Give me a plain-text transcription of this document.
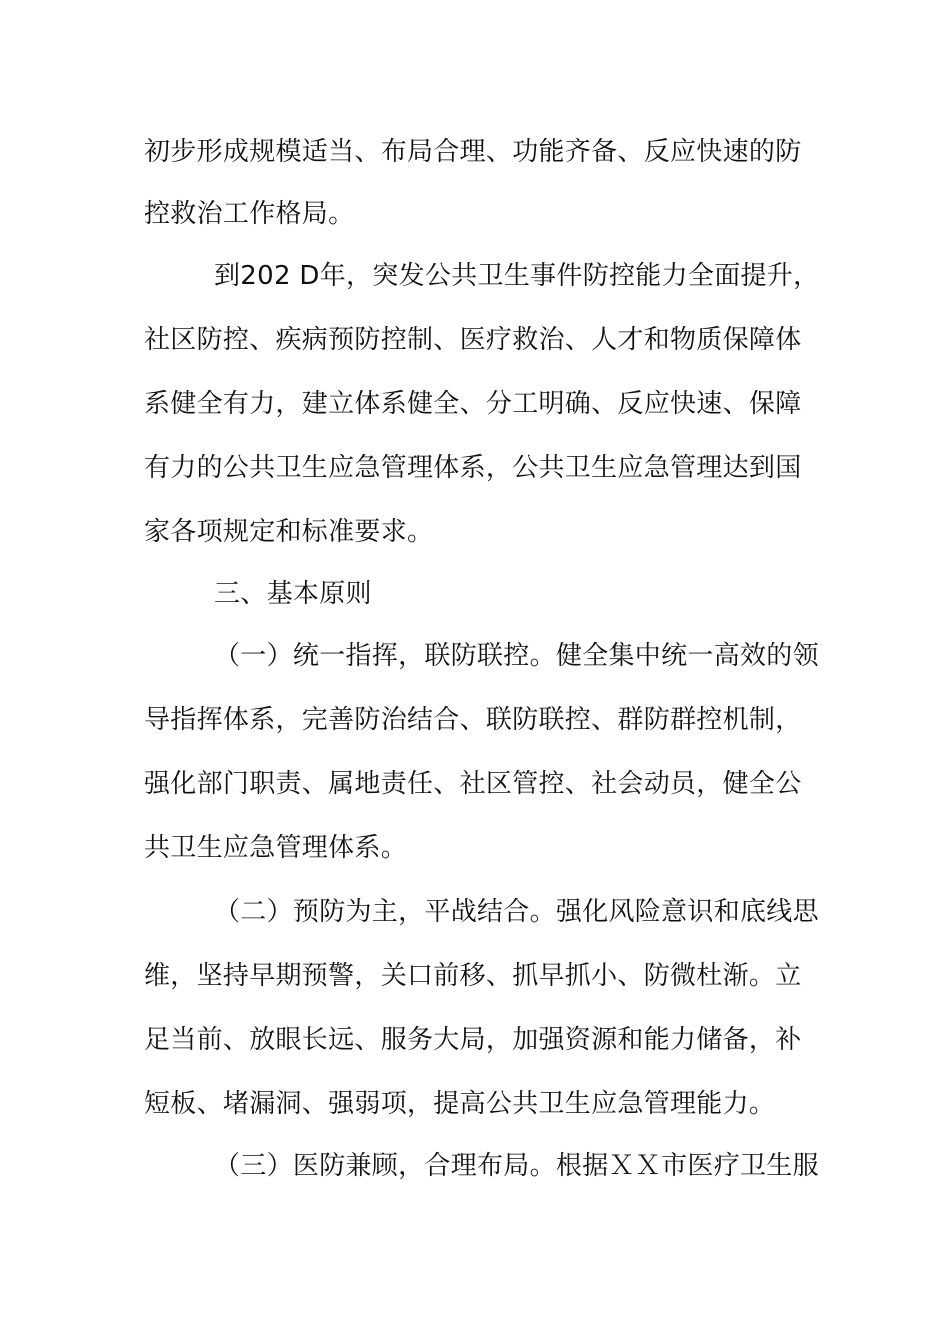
初步形成规模适当、布局合理、功能齐备、反应快速的防
控救治工作格局。
到202 D年，突发公共卫生事件防控能力全面提升，
社区防控、疾病预防控制、医疗救治、人才和物质保障体
系健全有力，建立体系健全、分工明确、反应快速、保障
有力的公共卫生应急管理体系，公共卫生应急管理达到国
家各项规定和标准要求。
三、基本原则
（一）统一指挥，联防联控。健全集中统一高效的领
导指挥体系，完善防治结合、联防联控、群防群控机制，
强化部门职责、属地责任、社区管控、社会动员，健全公
共卫生应急管理体系。
（二）预防为主，平战结合。强化风险意识和底线思
维，坚持早期预警，关口前移、抓早抓小、防微杜渐。立
足当前、放眼长远、服务大局，加强资源和能力储备，补
短板、堵漏洞、强弱项，提高公共卫生应急管理能力。
（三）医防兼顾，合理布局。根据ＸＸ市医疗卫生服
